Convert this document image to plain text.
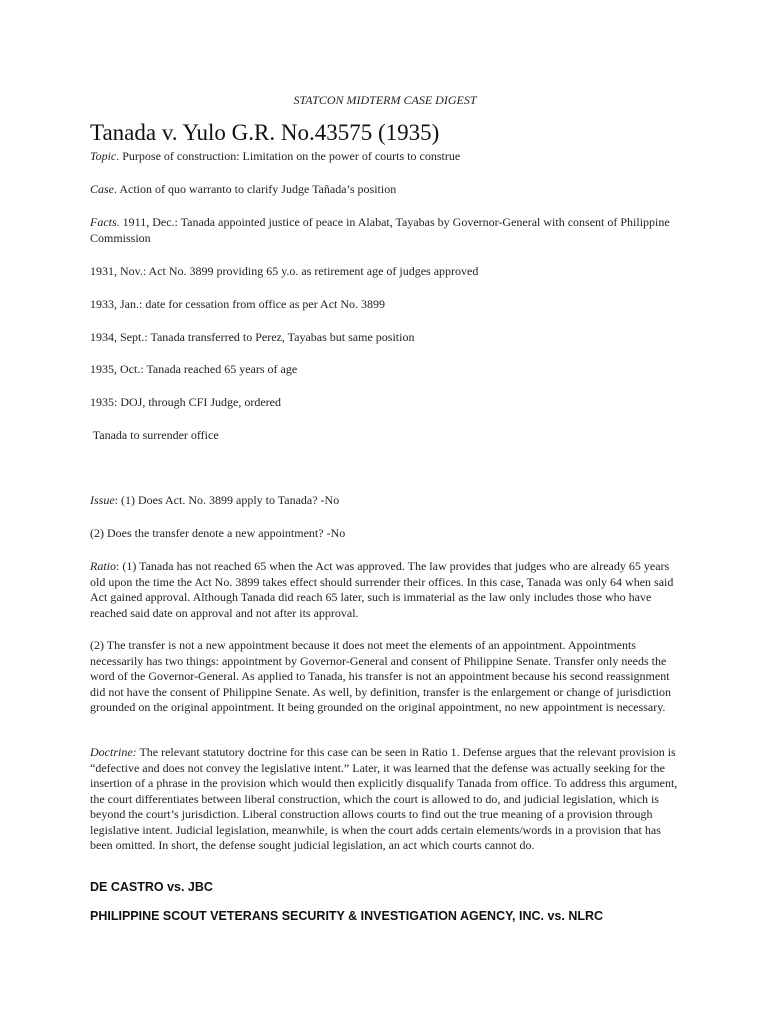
STATCON MIDTERM CASE DIGEST
Tanada v. Yulo G.R. No.43575 (1935)
Topic. Purpose of construction: Limitation on the power of courts to construe
Case. Action of quo warranto to clarify Judge Tañada’s position
Facts. 1911, Dec.: Tanada appointed justice of peace in Alabat, Tayabas by Governor-General with consent of Philippine Commission
1931, Nov.: Act No. 3899 providing 65 y.o. as retirement age of judges approved
1933, Jan.: date for cessation from office as per Act No. 3899
1934, Sept.: Tanada transferred to Perez, Tayabas but same position
1935, Oct.: Tanada reached 65 years of age
1935: DOJ, through CFI Judge, ordered
Tanada to surrender office
Issue: (1) Does Act. No. 3899 apply to Tanada? -No
(2) Does the transfer denote a new appointment? -No
Ratio: (1) Tanada has not reached 65 when the Act was approved. The law provides that judges who are already 65 years old upon the time the Act No. 3899 takes effect should surrender their offices. In this case, Tanada was only 64 when said Act gained approval. Although Tanada did reach 65 later, such is immaterial as the law only includes those who have reached said date on approval and not after its approval.
(2) The transfer is not a new appointment because it does not meet the elements of an appointment. Appointments necessarily has two things: appointment by Governor-General and consent of Philippine Senate. Transfer only needs the word of the Governor-General. As applied to Tanada, his transfer is not an appointment because his second reassignment did not have the consent of Philippine Senate. As well, by definition, transfer is the enlargement or change of jurisdiction grounded on the original appointment. It being grounded on the original appointment, no new appointment is necessary.
Doctrine: The relevant statutory doctrine for this case can be seen in Ratio 1. Defense argues that the relevant provision is “defective and does not convey the legislative intent.” Later, it was learned that the defense was actually seeking for the insertion of a phrase in the provision which would then explicitly disqualify Tanada from office. To address this argument, the court differentiates between liberal construction, which the court is allowed to do, and judicial legislation, which is beyond the court’s jurisdiction. Liberal construction allows courts to find out the true meaning of a provision through legislative intent. Judicial legislation, meanwhile, is when the court adds certain elements/words in a provision that has been omitted. In short, the defense sought judicial legislation, an act which courts cannot do.
DE CASTRO vs. JBC
PHILIPPINE SCOUT VETERANS SECURITY & INVESTIGATION AGENCY, INC. vs. NLRC
